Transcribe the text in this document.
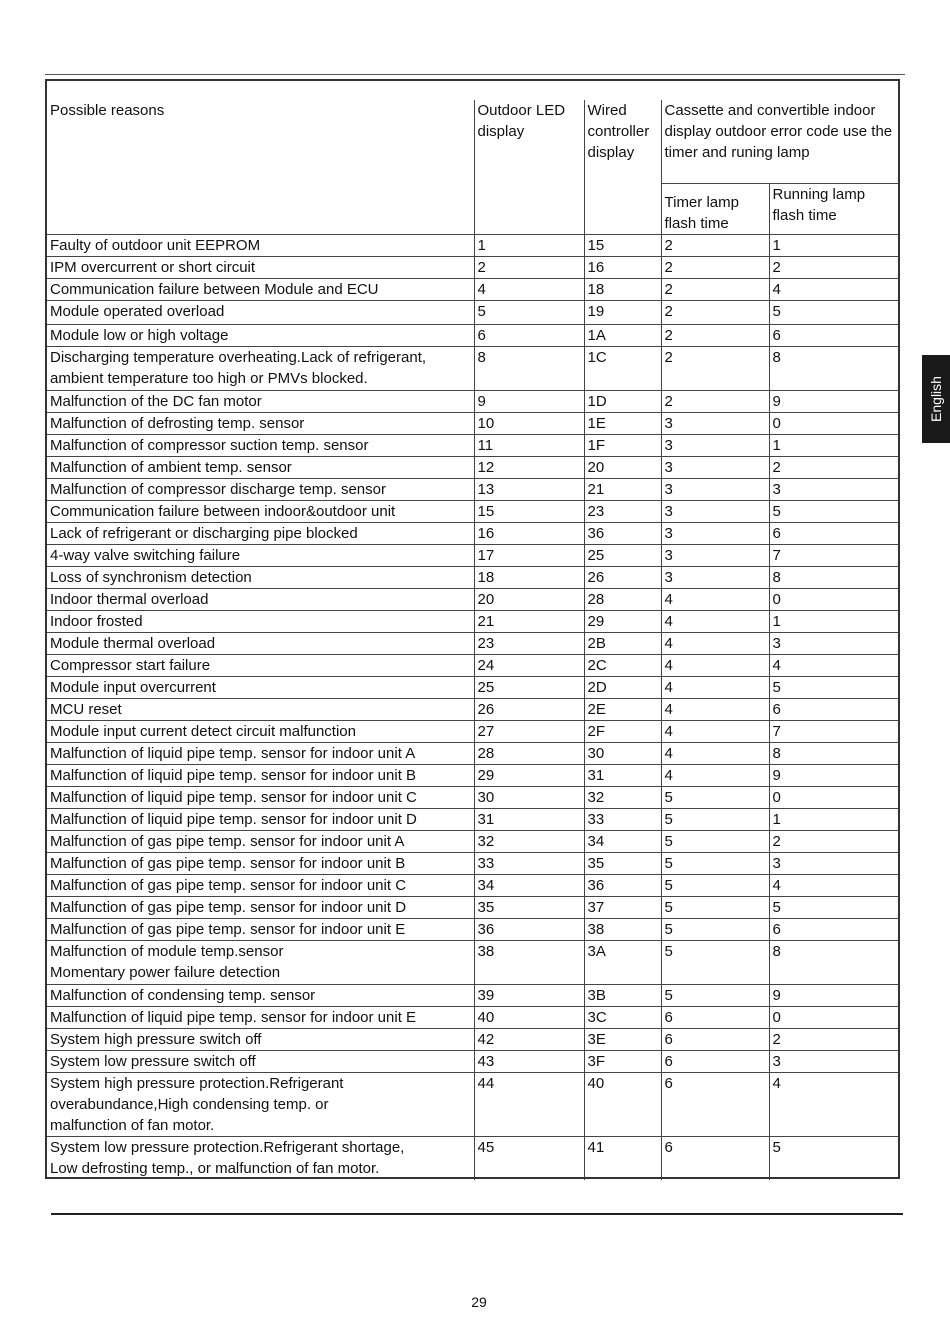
Possible reasons	Outdoor LED display	Wired controller display	Cassette and convertible indoor display outdoor error code use the timer and runing lamp	
			Timer lamp flash time	Running lamp flash time
Faulty of outdoor unit EEPROM	1	15	2	1
IPM overcurrent or short circuit	2	16	2	2
Communication failure between Module and ECU	4	18	2	4
Module operated overload	5	19	2	5
Module low or high voltage	6	1A	2	6
Discharging temperature overheating.Lack of refrigerant, ambient temperature too high or PMVs blocked.	8	1C	2	8
Malfunction of the DC fan motor	9	1D	2	9
Malfunction of defrosting temp. sensor	10	1E	3	0
Malfunction of compressor suction temp. sensor	11	1F	3	1
Malfunction of ambient temp. sensor	12	20	3	2
Malfunction of compressor discharge temp. sensor	13	21	3	3
Communication failure between indoor&outdoor unit	15	23	3	5
Lack of refrigerant or discharging pipe blocked	16	36	3	6
4-way valve switching failure	17	25	3	7
Loss of synchronism detection	18	26	3	8
Indoor thermal overload	20	28	4	0
Indoor frosted	21	29	4	1
Module thermal overload	23	2B	4	3
Compressor start failure	24	2C	4	4
Module input overcurrent	25	2D	4	5
MCU reset	26	2E	4	6
Module input current detect circuit malfunction	27	2F	4	7
Malfunction of liquid pipe temp. sensor for indoor unit A	28	30	4	8
Malfunction of liquid pipe temp. sensor for indoor unit B	29	31	4	9
Malfunction of liquid pipe temp. sensor for indoor unit C	30	32	5	0
Malfunction of liquid pipe temp. sensor for indoor unit D	31	33	5	1
Malfunction of gas pipe temp. sensor for indoor unit A	32	34	5	2
Malfunction of gas pipe temp. sensor for indoor unit B	33	35	5	3
Malfunction of gas pipe temp. sensor for indoor unit C	34	36	5	4
Malfunction of gas pipe temp. sensor for indoor unit D	35	37	5	5
Malfunction of gas pipe temp. sensor for indoor unit E	36	38	5	6
Malfunction of module temp.sensor
Momentary power failure detection	38	3A	5	8
Malfunction of condensing temp. sensor	39	3B	5	9
Malfunction of liquid pipe temp. sensor for indoor unit E	40	3C	6	0
System high pressure switch off	42	3E	6	2
System low pressure switch off	43	3F	6	3
System high pressure protection.Refrigerant
overabundance,High condensing temp. or
malfunction of fan motor.	44	40	6	4
System low pressure protection.Refrigerant shortage,
Low defrosting temp., or malfunction of fan motor.	45	41	6	5
English
29
